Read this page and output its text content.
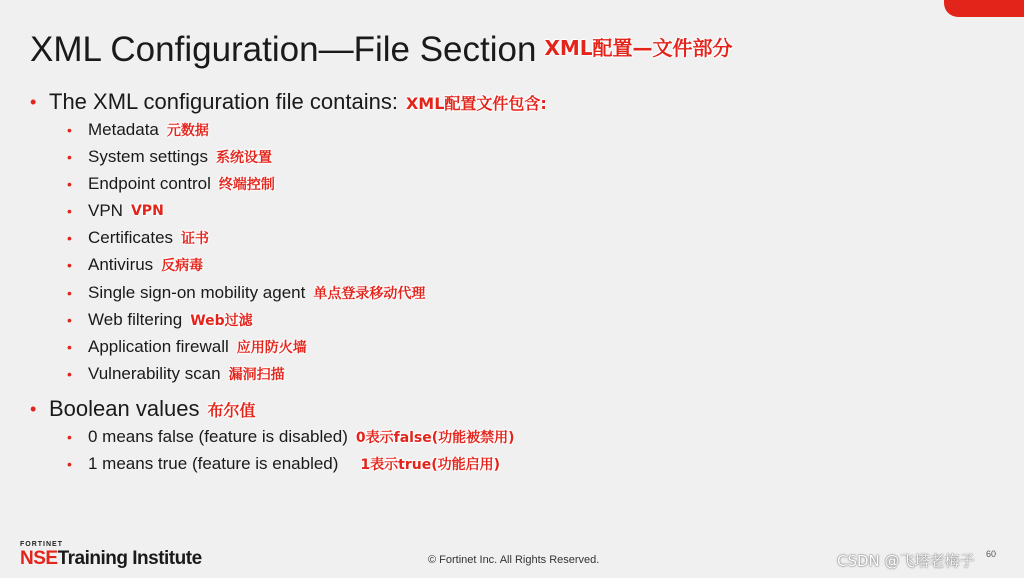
XML Configuration—File Section XML配置—文件部分
• The XML configuration file contains: XML配置文件包含:
• Metadata 元数据
• System settings 系统设置
• Endpoint control 终端控制
• VPN VPN
• Certificates 证书
• Antivirus 反病毒
• Single sign-on mobility agent 单点登录移动代理
• Web filtering Web过滤
• Application firewall 应用防火墙
• Vulnerability scan 漏洞扫描
• Boolean values 布尔值
• 0 means false (feature is disabled) 0表示false(功能被禁用)
• 1 means true (feature is enabled) 1表示true(功能启用)
FORTINET
NSETraining Institute	© Fortinet Inc. All Rights Reserved.	60
CSDN @飞塔老梅子
